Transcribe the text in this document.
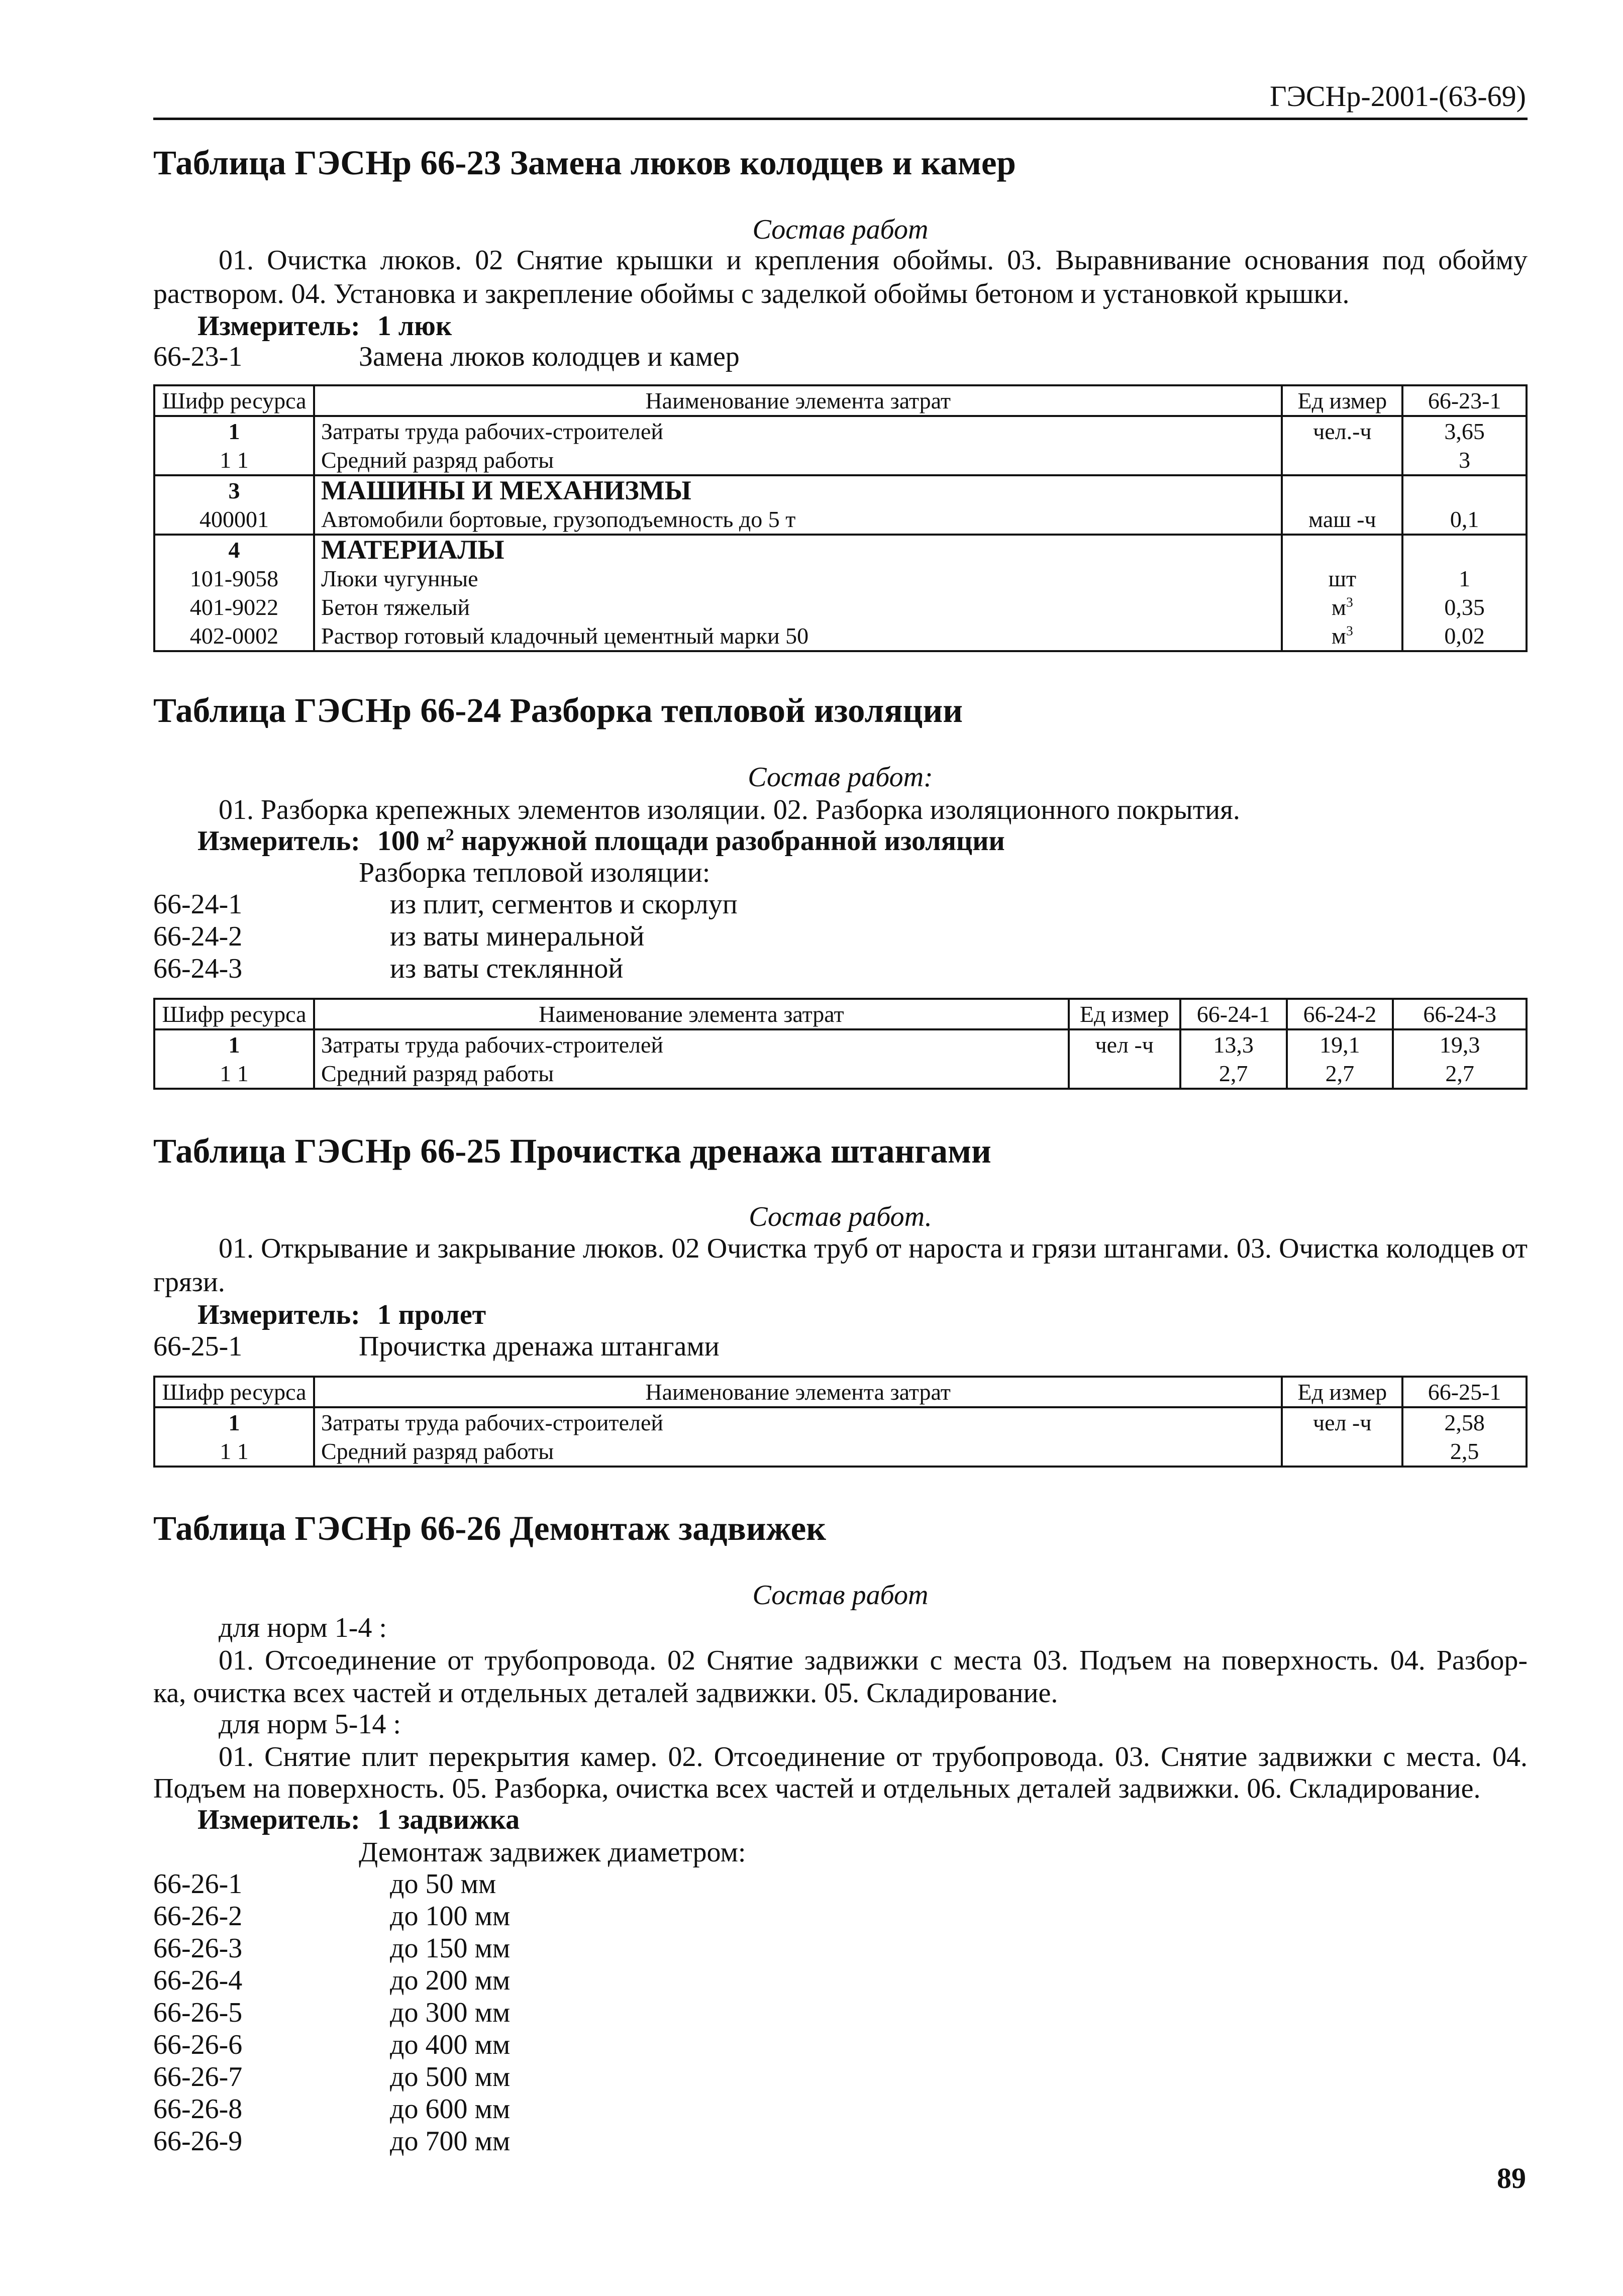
ГЭСНр-2001-(63-69)
Таблица ГЭСНр 66-23 Замена люков колодцев и камер
Состав работ
01. Очистка люков. 02 Снятие крышки и крепления обоймы. 03. Выравнивание основания под обойму раствором. 04. Установка и закрепление обоймы с заделкой обоймы бетоном и установкой крышки.
Измеритель: 1 люк
66-23-1	Замена люков колодцев и камер
Шифр ресурса	Наименование элемента затрат	Ед измер	66-23-1
1	Затраты труда рабочих-строителей	чел.-ч	3,65
1 1	Средний разряд работы		3
3	МАШИНЫ И МЕХАНИЗМЫ		
400001	Автомобили бортовые, грузоподъемность до 5 т	маш -ч	0,1
4	МАТЕРИАЛЫ		
101-9058	Люки чугунные	шт	1
401-9022	Бетон тяжелый	$м^3$	0,35
402-0002	Раствор готовый кладочный цементный марки 50	$м^3$	0,02
Таблица ГЭСНр 66-24 Разборка тепловой изоляции
Состав работ:
01. Разборка крепежных элементов изоляции. 02. Разборка изоляционного покрытия.
Измеритель: 100 $м^2$ наружной площади разобранной изоляции
Разборка тепловой изоляции:
66-24-1	из плит, сегментов и скорлуп
66-24-2	из ваты минеральной
66-24-3	из ваты стеклянной
Шифр ресурса	Наименование элемента затрат	Ед измер	66-24-1	66-24-2	66-24-3
1	Затраты труда рабочих-строителей	чел -ч	13,3	19,1	19,3
1 1	Средний разряд работы		2,7	2,7	2,7
Таблица ГЭСНр 66-25 Прочистка дренажа штангами
Состав работ.
01. Открывание и закрывание люков. 02 Очистка труб от нароста и грязи штангами. 03. Очистка колодцев от грязи.
Измеритель: 1 пролет
66-25-1	Прочистка дренажа штангами
Шифр ресурса	Наименование элемента затрат	Ед измер	66-25-1
1	Затраты труда рабочих-строителей	чел -ч	2,58
1 1	Средний разряд работы		2,5
Таблица ГЭСНр 66-26 Демонтаж задвижек
Состав работ
для норм 1-4 :
01. Отсоединение от трубопровода. 02 Снятие задвижки с места 03. Подъем на поверхность. 04. Разбор-
ка, очистка всех частей и отдельных деталей задвижки. 05. Складирование.
для норм 5-14 :
01. Снятие плит перекрытия камер. 02. Отсоединение от трубопровода. 03. Снятие задвижки с места. 04.
Подъем на поверхность. 05. Разборка, очистка всех частей и отдельных деталей задвижки. 06. Складирование.
Измеритель: 1 задвижка
Демонтаж задвижек диаметром:
66-26-1	до 50 мм
66-26-2	до 100 мм
66-26-3	до 150 мм
66-26-4	до 200 мм
66-26-5	до 300 мм
66-26-6	до 400 мм
66-26-7	до 500 мм
66-26-8	до 600 мм
66-26-9	до 700 мм
89
